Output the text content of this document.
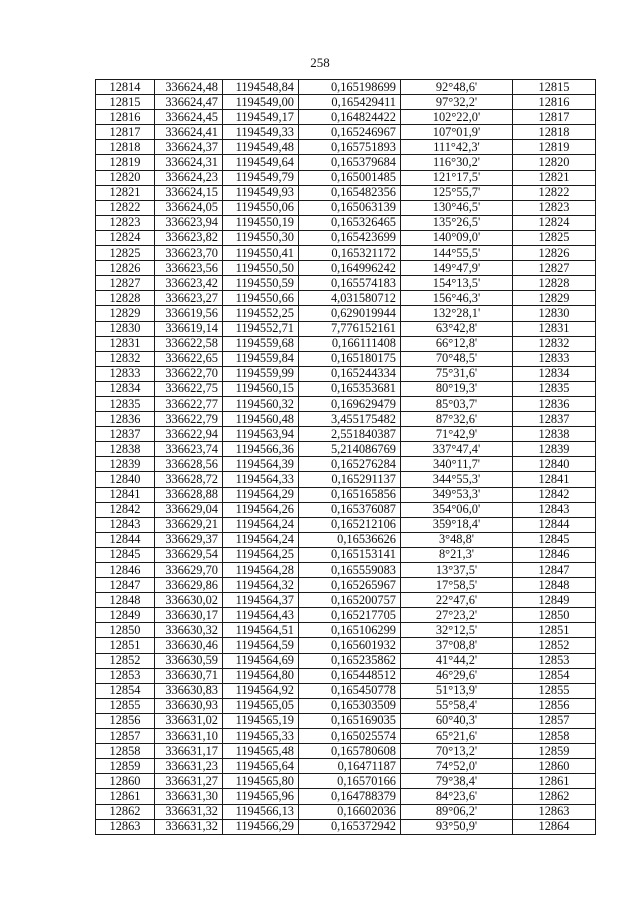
258
12814	336624,48	1194548,84	0,165198699	92°48,6'	12815
12815	336624,47	1194549,00	0,165429411	97°32,2'	12816
12816	336624,45	1194549,17	0,164824422	102°22,0'	12817
12817	336624,41	1194549,33	0,165246967	107°01,9'	12818
12818	336624,37	1194549,48	0,165751893	111°42,3'	12819
12819	336624,31	1194549,64	0,165379684	116°30,2'	12820
12820	336624,23	1194549,79	0,165001485	121°17,5'	12821
12821	336624,15	1194549,93	0,165482356	125°55,7'	12822
12822	336624,05	1194550,06	0,165063139	130°46,5'	12823
12823	336623,94	1194550,19	0,165326465	135°26,5'	12824
12824	336623,82	1194550,30	0,165423699	140°09,0'	12825
12825	336623,70	1194550,41	0,165321172	144°55,5'	12826
12826	336623,56	1194550,50	0,164996242	149°47,9'	12827
12827	336623,42	1194550,59	0,165574183	154°13,5'	12828
12828	336623,27	1194550,66	4,031580712	156°46,3'	12829
12829	336619,56	1194552,25	0,629019944	132°28,1'	12830
12830	336619,14	1194552,71	7,776152161	63°42,8'	12831
12831	336622,58	1194559,68	0,166111408	66°12,8'	12832
12832	336622,65	1194559,84	0,165180175	70°48,5'	12833
12833	336622,70	1194559,99	0,165244334	75°31,6'	12834
12834	336622,75	1194560,15	0,165353681	80°19,3'	12835
12835	336622,77	1194560,32	0,169629479	85°03,7'	12836
12836	336622,79	1194560,48	3,455175482	87°32,6'	12837
12837	336622,94	1194563,94	2,551840387	71°42,9'	12838
12838	336623,74	1194566,36	5,214086769	337°47,4'	12839
12839	336628,56	1194564,39	0,165276284	340°11,7'	12840
12840	336628,72	1194564,33	0,165291137	344°55,3'	12841
12841	336628,88	1194564,29	0,165165856	349°53,3'	12842
12842	336629,04	1194564,26	0,165376087	354°06,0'	12843
12843	336629,21	1194564,24	0,165212106	359°18,4'	12844
12844	336629,37	1194564,24	0,16536626	3°48,8'	12845
12845	336629,54	1194564,25	0,165153141	8°21,3'	12846
12846	336629,70	1194564,28	0,165559083	13°37,5'	12847
12847	336629,86	1194564,32	0,165265967	17°58,5'	12848
12848	336630,02	1194564,37	0,165200757	22°47,6'	12849
12849	336630,17	1194564,43	0,165217705	27°23,2'	12850
12850	336630,32	1194564,51	0,165106299	32°12,5'	12851
12851	336630,46	1194564,59	0,165601932	37°08,8'	12852
12852	336630,59	1194564,69	0,165235862	41°44,2'	12853
12853	336630,71	1194564,80	0,165448512	46°29,6'	12854
12854	336630,83	1194564,92	0,165450778	51°13,9'	12855
12855	336630,93	1194565,05	0,165303509	55°58,4'	12856
12856	336631,02	1194565,19	0,165169035	60°40,3'	12857
12857	336631,10	1194565,33	0,165025574	65°21,6'	12858
12858	336631,17	1194565,48	0,165780608	70°13,2'	12859
12859	336631,23	1194565,64	0,16471187	74°52,0'	12860
12860	336631,27	1194565,80	0,16570166	79°38,4'	12861
12861	336631,30	1194565,96	0,164788379	84°23,6'	12862
12862	336631,32	1194566,13	0,16602036	89°06,2'	12863
12863	336631,32	1194566,29	0,165372942	93°50,9'	12864
